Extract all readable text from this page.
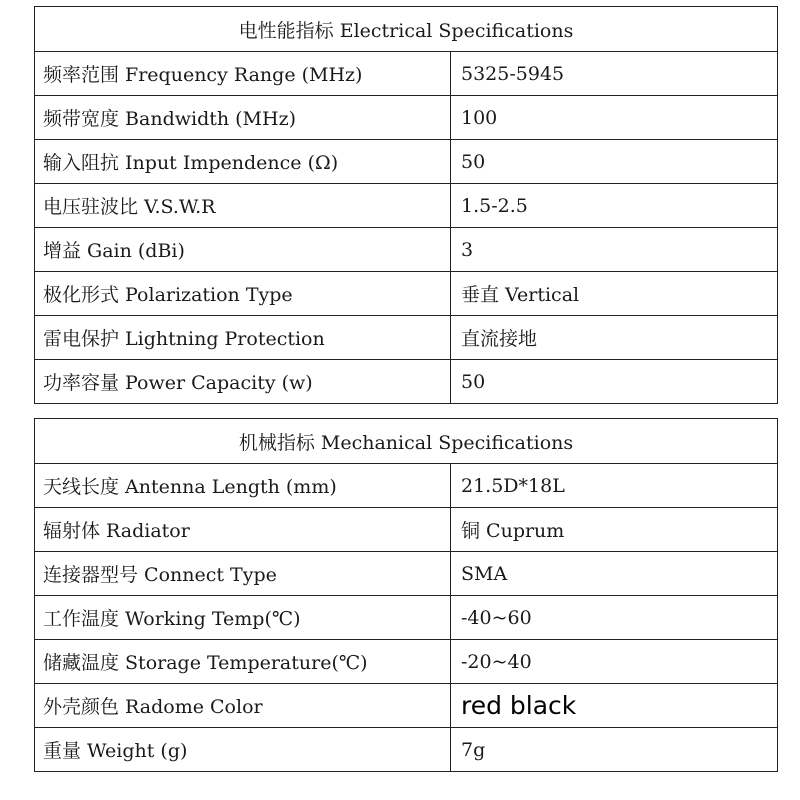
电性能指标 Electrical Specifications
频率范围 Frequency Range (MHz)	5325-5945
频带宽度 Bandwidth (MHz)	100
输入阻抗 Input Impendence (Ω)	50
电压驻波比 V.S.W.R	1.5-2.5
增益 Gain (dBi)	3
极化形式 Polarization Type	垂直 Vertical
雷电保护 Lightning Protection	直流接地
功率容量 Power Capacity (w)	50
机械指标 Mechanical Specifications
天线长度 Antenna Length (mm)	21.5D*18L
辐射体 Radiator	铜 Cuprum
连接器型号 Connect Type	SMA
工作温度 Working Temp(℃)	-40~60
储藏温度 Storage Temperature(℃)	-20~40
外壳颜色 Radome Color	red black
重量 Weight (g)	7g
